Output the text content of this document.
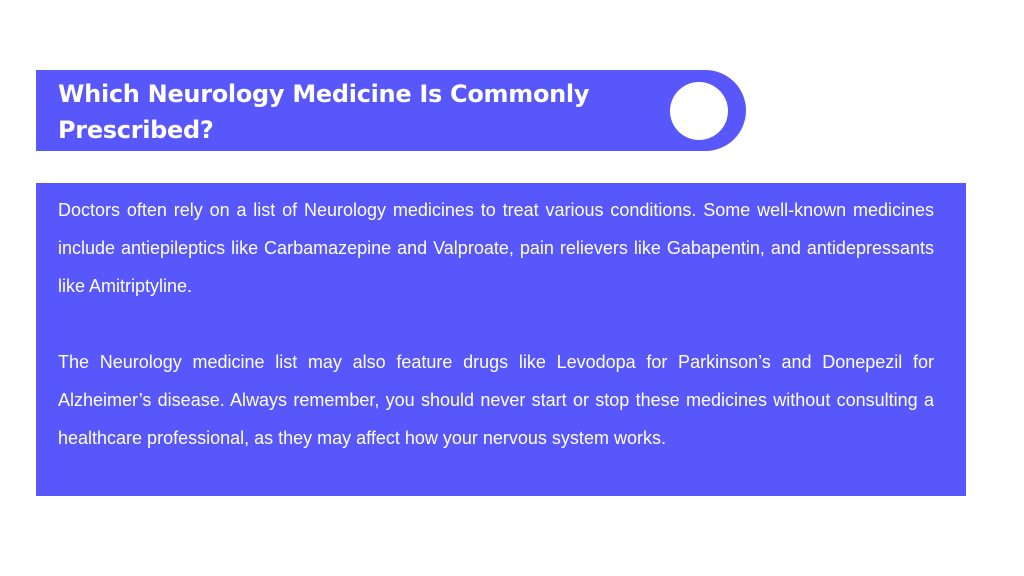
Which Neurology Medicine Is Commonly Prescribed?

Doctors often rely on a list of Neurology medicines to treat various conditions. Some well-known medicines include antiepileptics like Carbamazepine and Valproate, pain relievers like Gabapentin, and antidepressants like Amitriptyline.

The Neurology medicine list may also feature drugs like Levodopa for Parkinson’s and Donepezil for Alzheimer’s disease. Always remember, you should never start or stop these medicines without consulting a healthcare professional, as they may affect how your nervous system works.
